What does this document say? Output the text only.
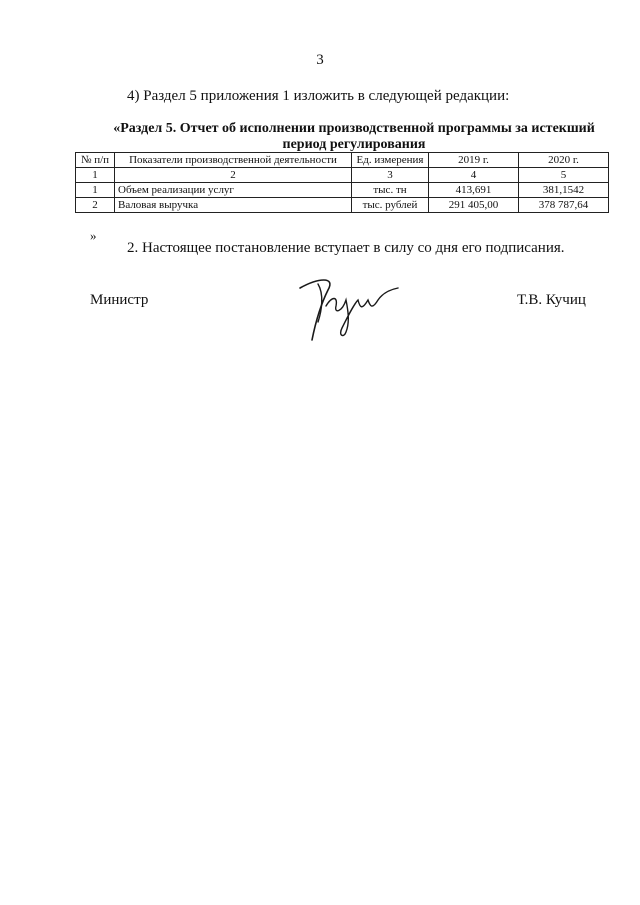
3
4) Раздел 5 приложения 1 изложить в следующей редакции:
«Раздел 5. Отчет об исполнении производственной программы за истекший
период регулирования
№ п/п	Показатели производственной деятельности	Ед. измерения	2019 г.	2020 г.
1	2	3	4	5
1	Объем реализации услуг	тыс. тн	413,691	381,1542
2	Валовая выручка	тыс. рублей	291 405,00	378 787,64
»
2. Настоящее постановление вступает в силу со дня его подписания.
Министр	Т.В. Кучиц
